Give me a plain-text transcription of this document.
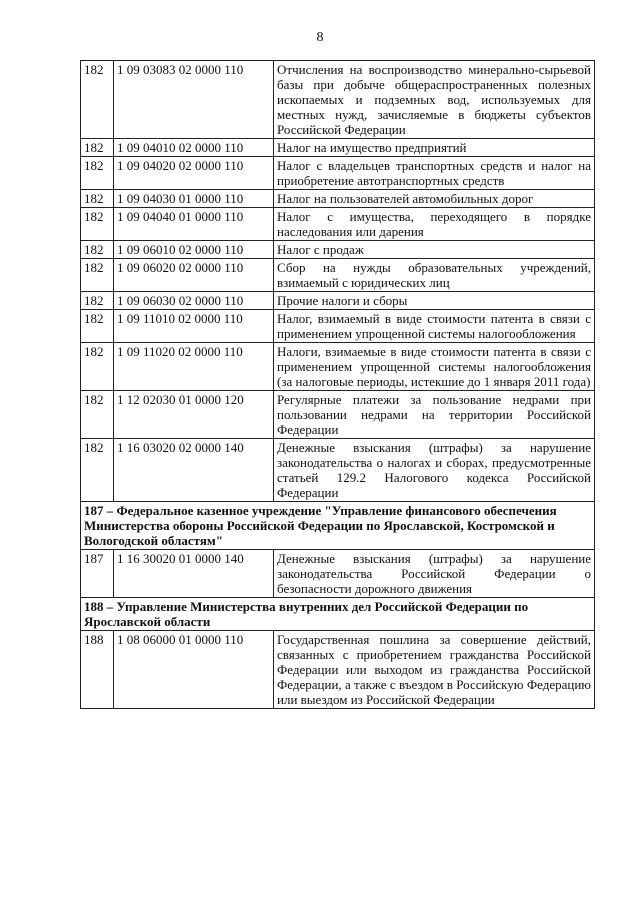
8
182	1 09 03083 02 0000 110	Отчисления на воспроизводство минерально-сырьевой базы при добыче общераспространенных полезных ископаемых и подземных вод, используемых для местных нужд, зачисляемые в бюджеты субъектов Российской Федерации
182	1 09 04010 02 0000 110	Налог на имущество предприятий
182	1 09 04020 02 0000 110	Налог с владельцев транспортных средств и налог на приобретение автотранспортных средств
182	1 09 04030 01 0000 110	Налог на пользователей автомобильных дорог
182	1 09 04040 01 0000 110	Налог с имущества, переходящего в порядке наследования или дарения
182	1 09 06010 02 0000 110	Налог с продаж
182	1 09 06020 02 0000 110	Сбор на нужды образовательных учреждений, взимаемый с юридических лиц
182	1 09 06030 02 0000 110	Прочие налоги и сборы
182	1 09 11010 02 0000 110	Налог, взимаемый в виде стоимости патента в связи с применением упрощенной системы налогообложения
182	1 09 11020 02 0000 110	Налоги, взимаемые в виде стоимости патента в связи с применением упрощенной системы налогообложения (за налоговые периоды, истекшие до 1 января 2011 года)
182	1 12 02030 01 0000 120	Регулярные платежи за пользование недрами при пользовании недрами на территории Российской Федерации
182	1 16 03020 02 0000 140	Денежные взыскания (штрафы) за нарушение законодательства о налогах и сборах, предусмотренные статьей 129.2 Налогового кодекса Российской Федерации
187 – Федеральное казенное учреждение "Управление финансового обеспечения Министерства обороны Российской Федерации по Ярославской, Костромской и Вологодской областям"		
187	1 16 30020 01 0000 140	Денежные взыскания (штрафы) за нарушение законодательства Российской Федерации о безопасности дорожного движения
188 – Управление Министерства внутренних дел Российской Федерации по Ярославской области		
188	1 08 06000 01 0000 110	Государственная пошлина за совершение действий, связанных с приобретением гражданства Российской Федерации или выходом из гражданства Российской Федерации, а также с въездом в Российскую Федерацию или выездом из Российской Федерации
